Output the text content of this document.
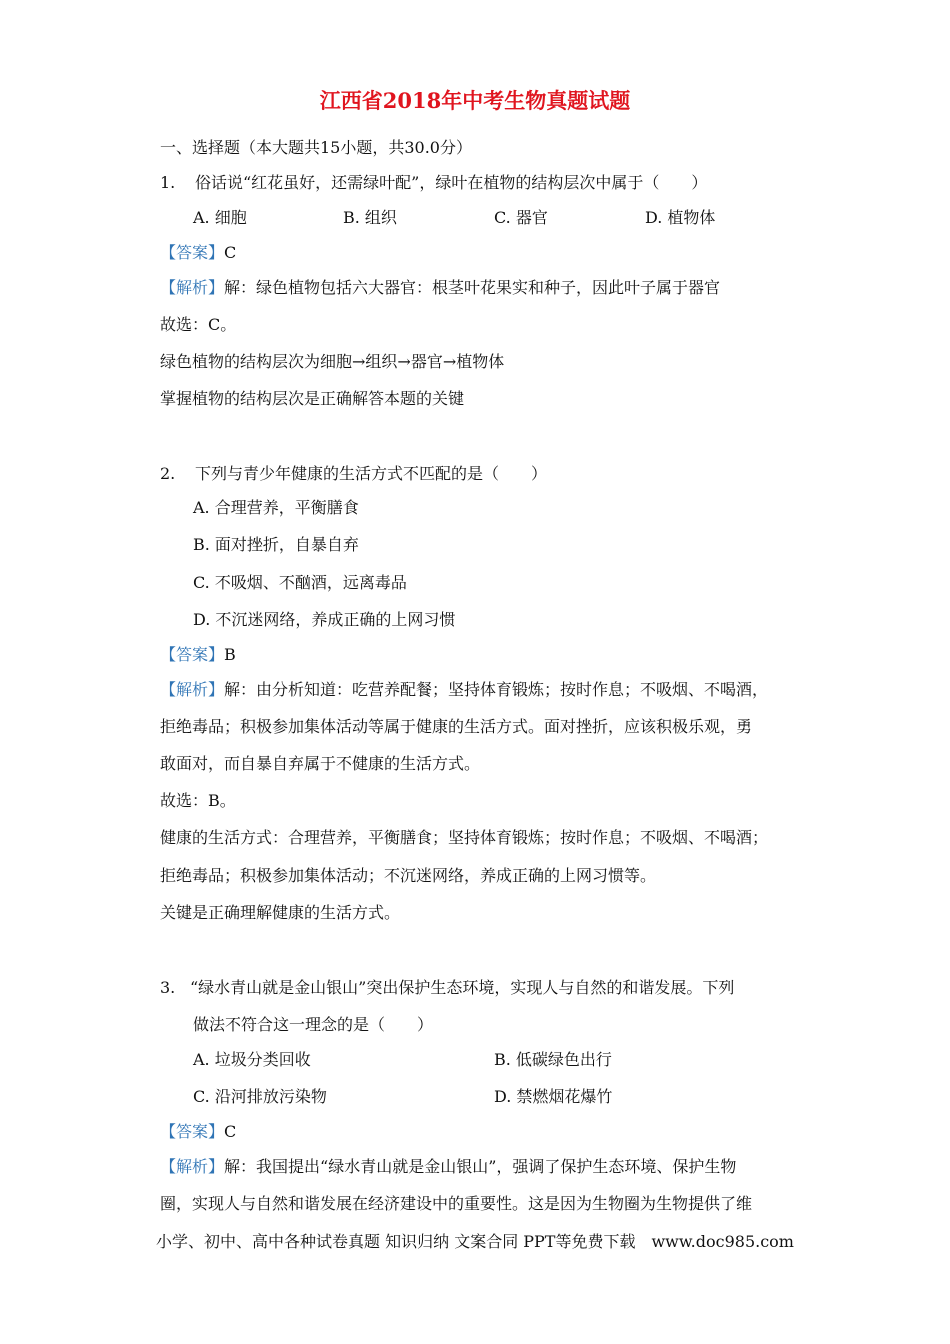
江西省2018年中考生物真题试题
一、选择题（本大题共15小题，共30.0分）
1. 俗话说“红花虽好，还需绿叶配”，绿叶在植物的结构层次中属于（　　）
A. 细胞	B. 组织	C. 器官	D. 植物体
【答案】C
【解析】解：绿色植物包括六大器官：根茎叶花果实和种子，因此叶子属于器官
故选：C。
绿色植物的结构层次为细胞→组织→器官→植物体
掌握植物的结构层次是正确解答本题的关键
2. 下列与青少年健康的生活方式不匹配的是（　　）
A. 合理营养，平衡膳食
B. 面对挫折，自暴自弃
C. 不吸烟、不酗酒，远离毒品
D. 不沉迷网络，养成正确的上网习惯
【答案】B
【解析】解：由分析知道：吃营养配餐；坚持体育锻炼；按时作息；不吸烟、不喝酒，
拒绝毒品；积极参加集体活动等属于健康的生活方式。面对挫折，应该积极乐观，勇
敢面对，而自暴自弃属于不健康的生活方式。
故选：B。
健康的生活方式：合理营养，平衡膳食；坚持体育锻炼；按时作息；不吸烟、不喝酒；
拒绝毒品；积极参加集体活动；不沉迷网络，养成正确的上网习惯等。
关键是正确理解健康的生活方式。
3. “绿水青山就是金山银山”突出保护生态环境，实现人与自然的和谐发展。下列
做法不符合这一理念的是（　　）
A. 垃圾分类回收	B. 低碳绿色出行
C. 沿河排放污染物	D. 禁燃烟花爆竹
【答案】C
【解析】解：我国提出“绿水青山就是金山银山”，强调了保护生态环境、保护生物
圈，实现人与自然和谐发展在经济建设中的重要性。这是因为生物圈为生物提供了维
小学、初中、高中各种试卷真题 知识归纳 文案合同 PPT等免费下载　www.doc985.com
